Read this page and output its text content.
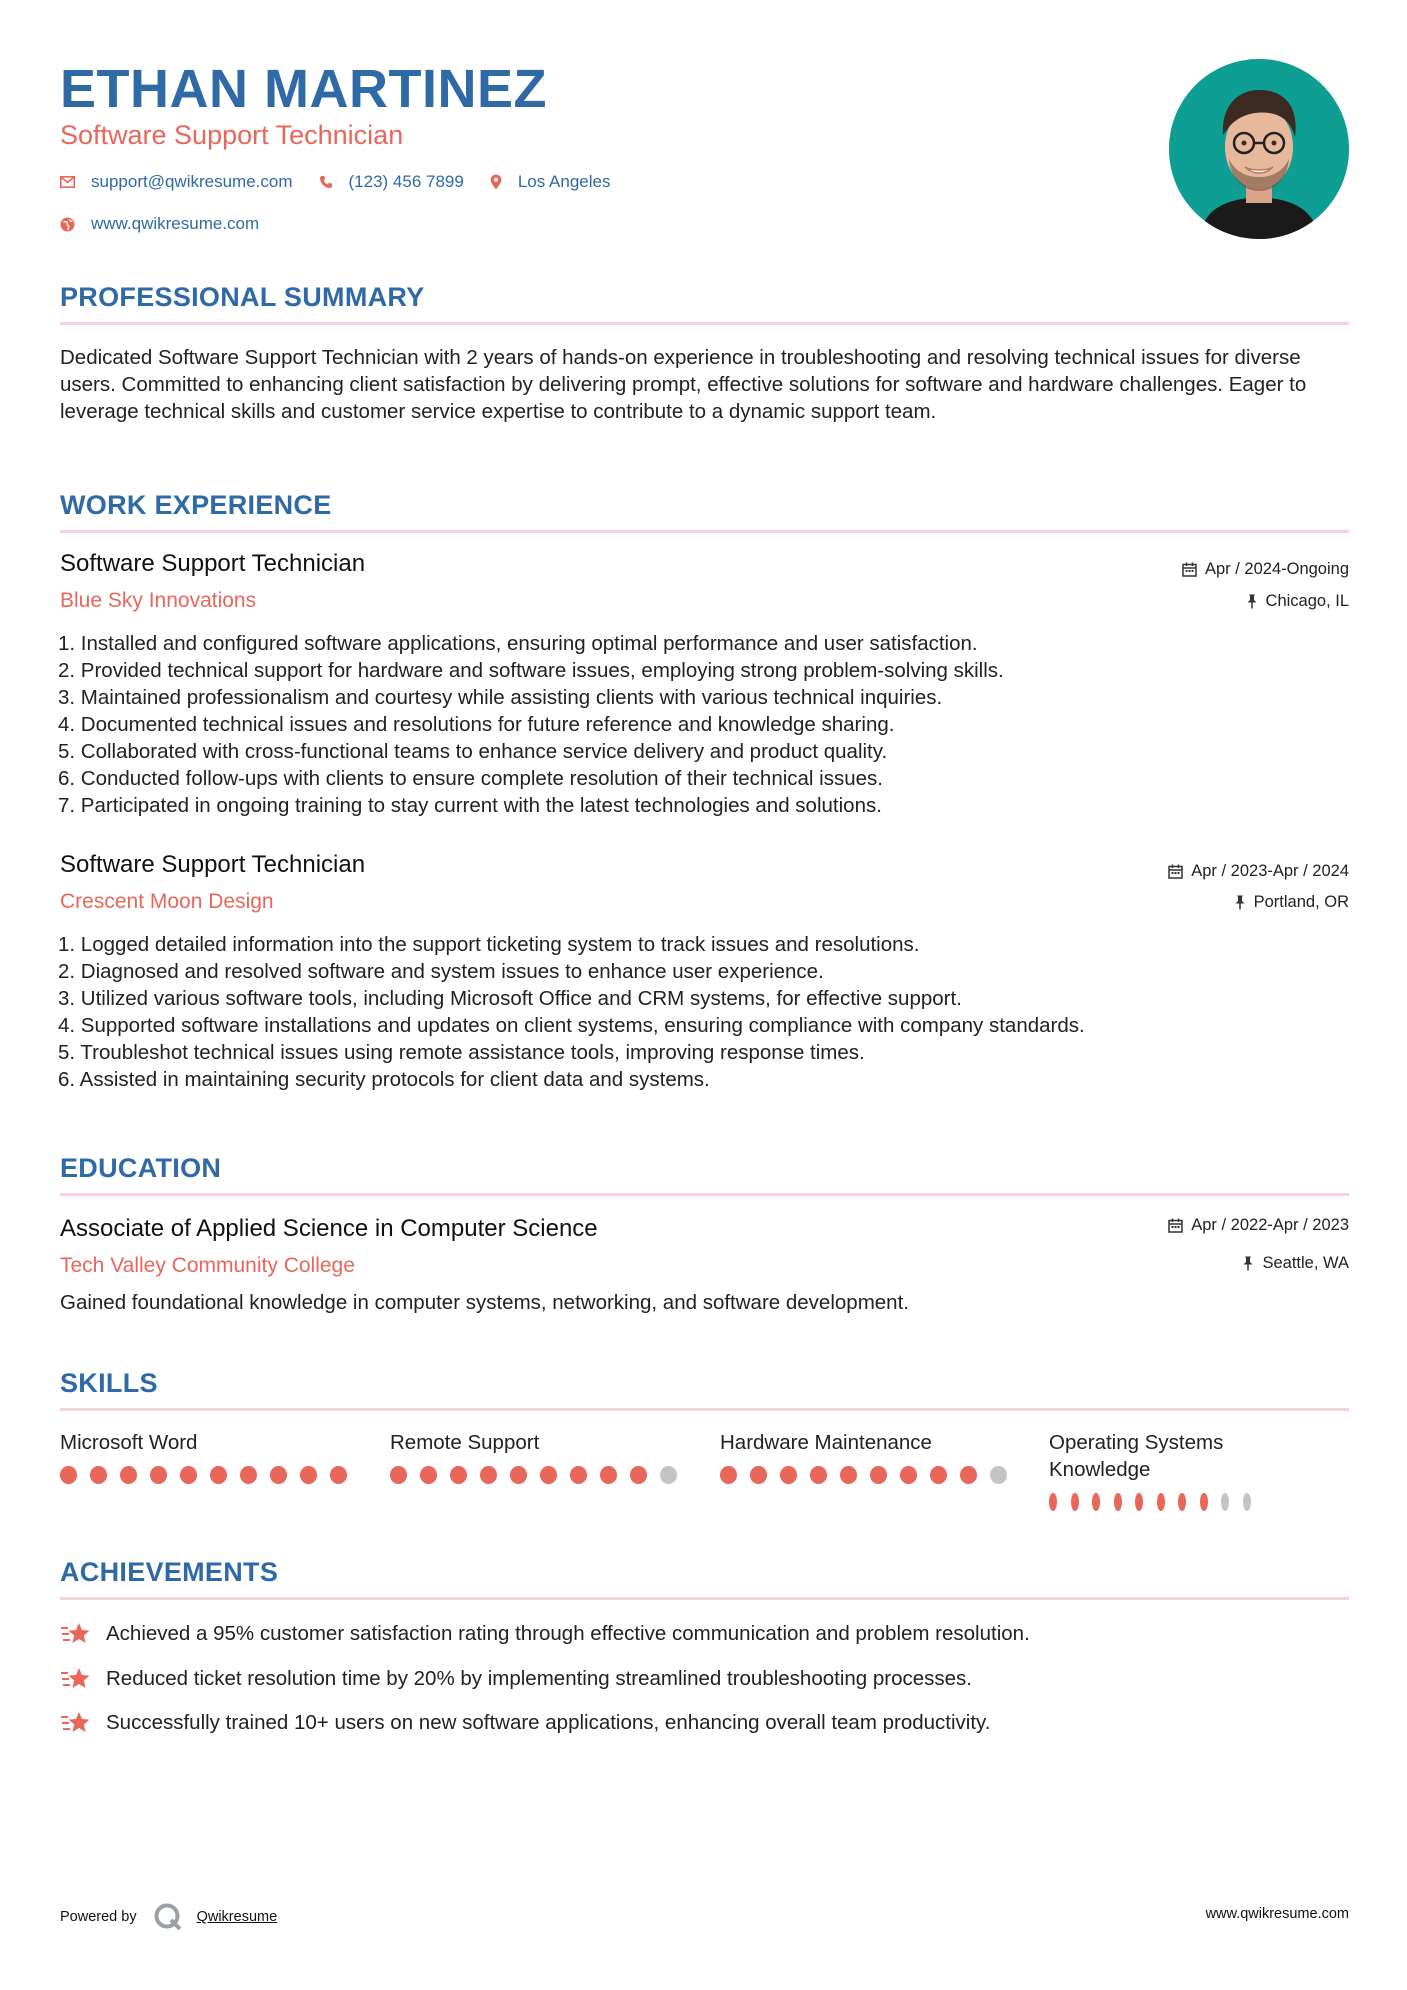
ETHAN MARTINEZ
Software Support Technician
support@qwikresume.com	(123) 456 7899	Los Angeles
www.qwikresume.com
PROFESSIONAL SUMMARY
Dedicated Software Support Technician with 2 years of hands-on experience in troubleshooting and resolving technical issues for diverse users. Committed to enhancing client satisfaction by delivering prompt, effective solutions for software and hardware challenges. Eager to leverage technical skills and customer service expertise to contribute to a dynamic support team.
WORK EXPERIENCE
Software Support Technician
Blue Sky Innovations
Apr / 2024-Ongoing
Chicago, IL
1. Installed and configured software applications, ensuring optimal performance and user satisfaction.
2. Provided technical support for hardware and software issues, employing strong problem-solving skills.
3. Maintained professionalism and courtesy while assisting clients with various technical inquiries.
4. Documented technical issues and resolutions for future reference and knowledge sharing.
5. Collaborated with cross-functional teams to enhance service delivery and product quality.
6. Conducted follow-ups with clients to ensure complete resolution of their technical issues.
7. Participated in ongoing training to stay current with the latest technologies and solutions.
Software Support Technician
Crescent Moon Design
Apr / 2023-Apr / 2024
Portland, OR
1. Logged detailed information into the support ticketing system to track issues and resolutions.
2. Diagnosed and resolved software and system issues to enhance user experience.
3. Utilized various software tools, including Microsoft Office and CRM systems, for effective support.
4. Supported software installations and updates on client systems, ensuring compliance with company standards.
5. Troubleshot technical issues using remote assistance tools, improving response times.
6. Assisted in maintaining security protocols for client data and systems.
EDUCATION
Associate of Applied Science in Computer Science
Tech Valley Community College
Apr / 2022-Apr / 2023
Seattle, WA
Gained foundational knowledge in computer systems, networking, and software development.
SKILLS
Microsoft Word	Remote Support	Hardware Maintenance	Operating Systems Knowledge
ACHIEVEMENTS
Achieved a 95% customer satisfaction rating through effective communication and problem resolution.
Reduced ticket resolution time by 20% by implementing streamlined troubleshooting processes.
Successfully trained 10+ users on new software applications, enhancing overall team productivity.
Powered by	Qwikresume	www.qwikresume.com
